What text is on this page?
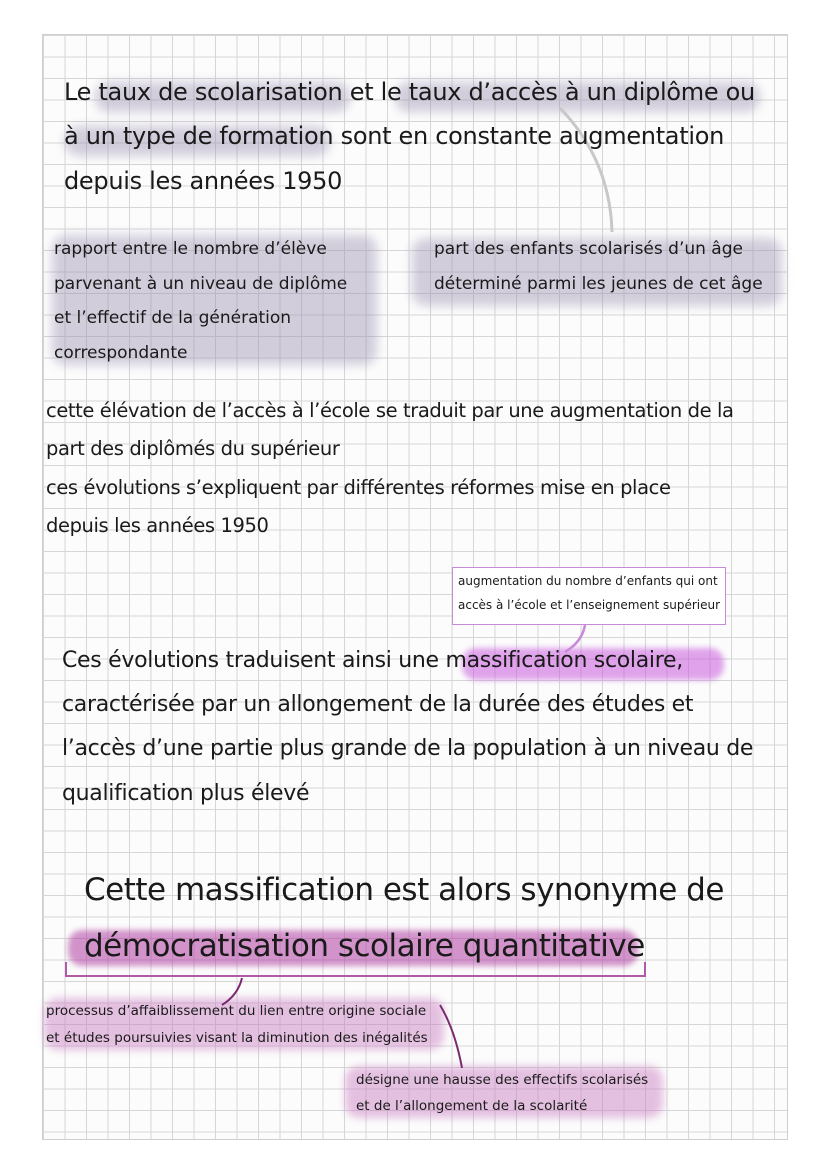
Le taux de scolarisation et le taux d’accès à un diplôme ou
à un type de formation sont en constante augmentation
depuis les années 1950
rapport entre le nombre d’élève
parvenant à un niveau de diplôme
et l’effectif de la génération
correspondante
part des enfants scolarisés d’un âge
déterminé parmi les jeunes de cet âge
cette élévation de l’accès à l’école se traduit par une augmentation de la
part des diplômés du supérieur
ces évolutions s’expliquent par différentes réformes mise en place
depuis les années 1950
augmentation du nombre d’enfants qui ont
accès à l’école et l’enseignement supérieur
Ces évolutions traduisent ainsi une massification scolaire,
caractérisée par un allongement de la durée des études et
l’accès d’une partie plus grande de la population à un niveau de
qualification plus élevé
Cette massification est alors synonyme de
démocratisation scolaire quantitative
processus d’affaiblissement du lien entre origine sociale
et études poursuivies visant la diminution des inégalités
désigne une hausse des effectifs scolarisés
et de l’allongement de la scolarité
